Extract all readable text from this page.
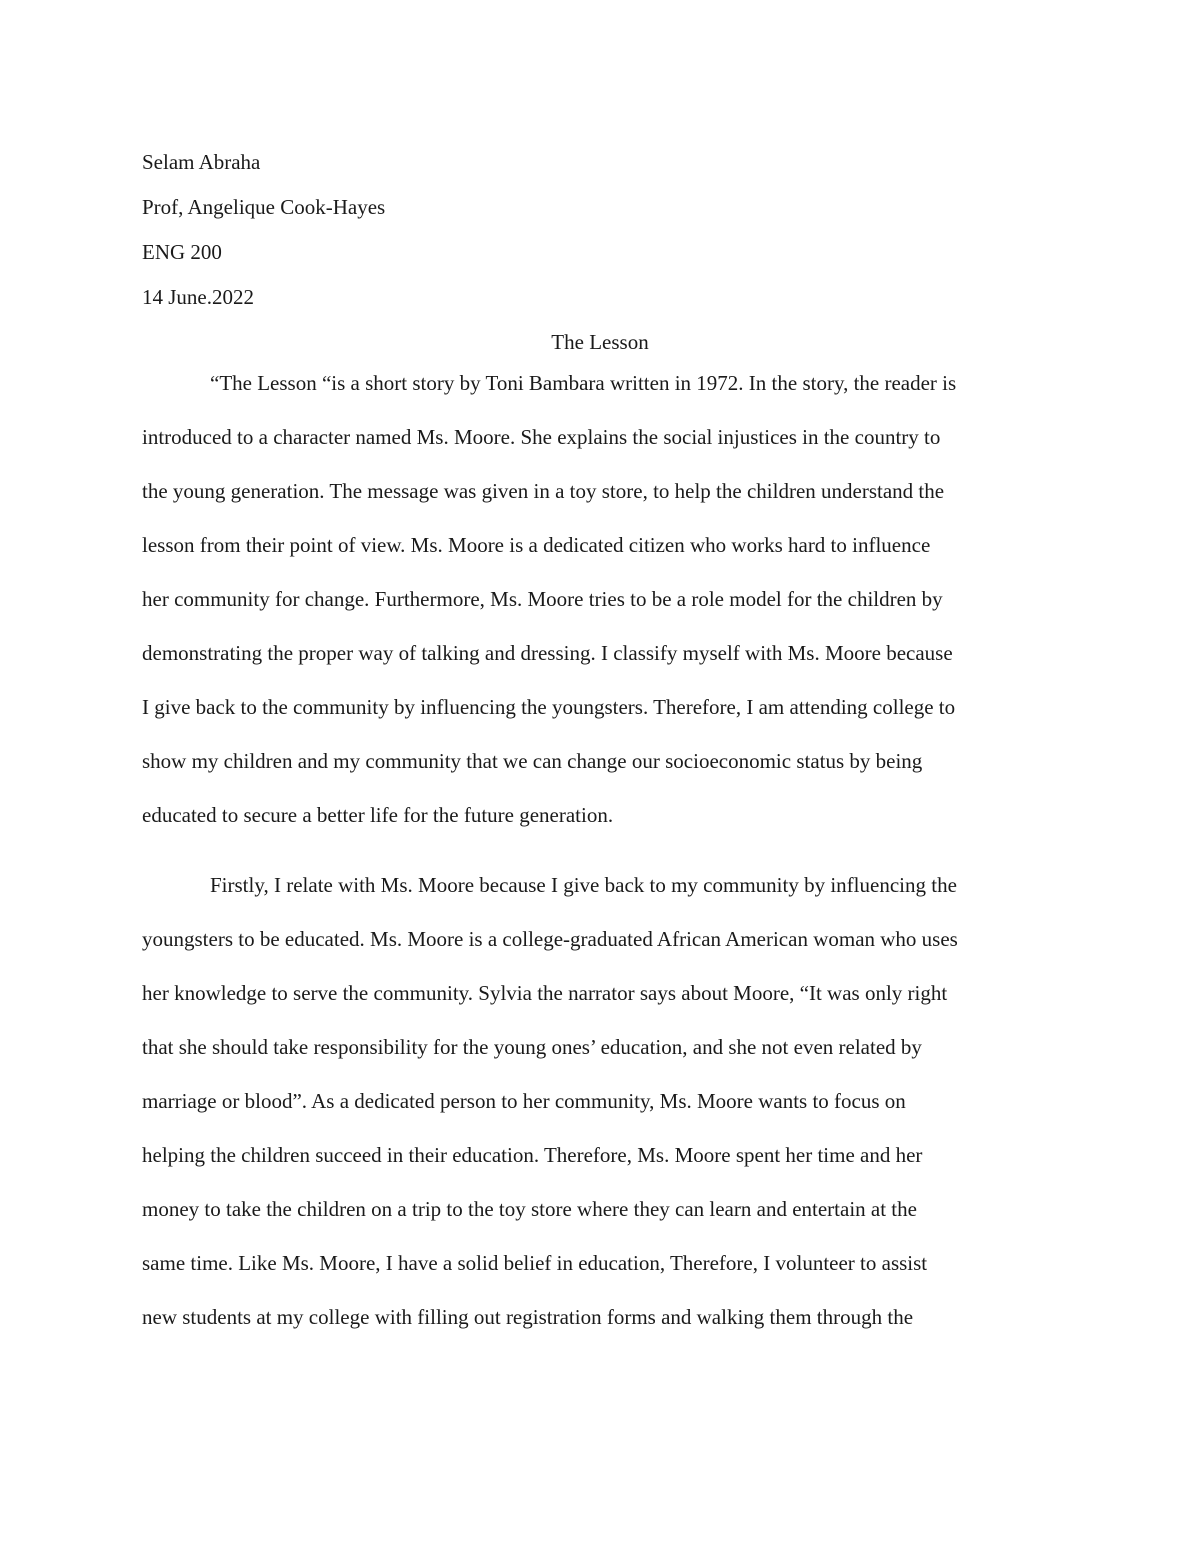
Selam Abraha
Prof, Angelique Cook-Hayes
ENG 200
14 June.2022
The Lesson
“The Lesson “is a short story by Toni Bambara written in 1972. In the story, the reader is
introduced to a character named Ms. Moore. She explains the social injustices in the country to
the young generation. The message was given in a toy store, to help the children understand the
lesson from their point of view. Ms. Moore is a dedicated citizen who works hard to influence
her community for change. Furthermore, Ms. Moore tries to be a role model for the children by
demonstrating the proper way of talking and dressing. I classify myself with Ms. Moore because
I give back to the community by influencing the youngsters. Therefore, I am attending college to
show my children and my community that we can change our socioeconomic status by being
educated to secure a better life for the future generation.
Firstly, I relate with Ms. Moore because I give back to my community by influencing the
youngsters to be educated. Ms. Moore is a college-graduated African American woman who uses
her knowledge to serve the community. Sylvia the narrator says about Moore, “It was only right
that she should take responsibility for the young ones’ education, and she not even related by
marriage or blood”. As a dedicated person to her community, Ms. Moore wants to focus on
helping the children succeed in their education. Therefore, Ms. Moore spent her time and her
money to take the children on a trip to the toy store where they can learn and entertain at the
same time. Like Ms. Moore, I have a solid belief in education, Therefore, I volunteer to assist
new students at my college with filling out registration forms and walking them through the
